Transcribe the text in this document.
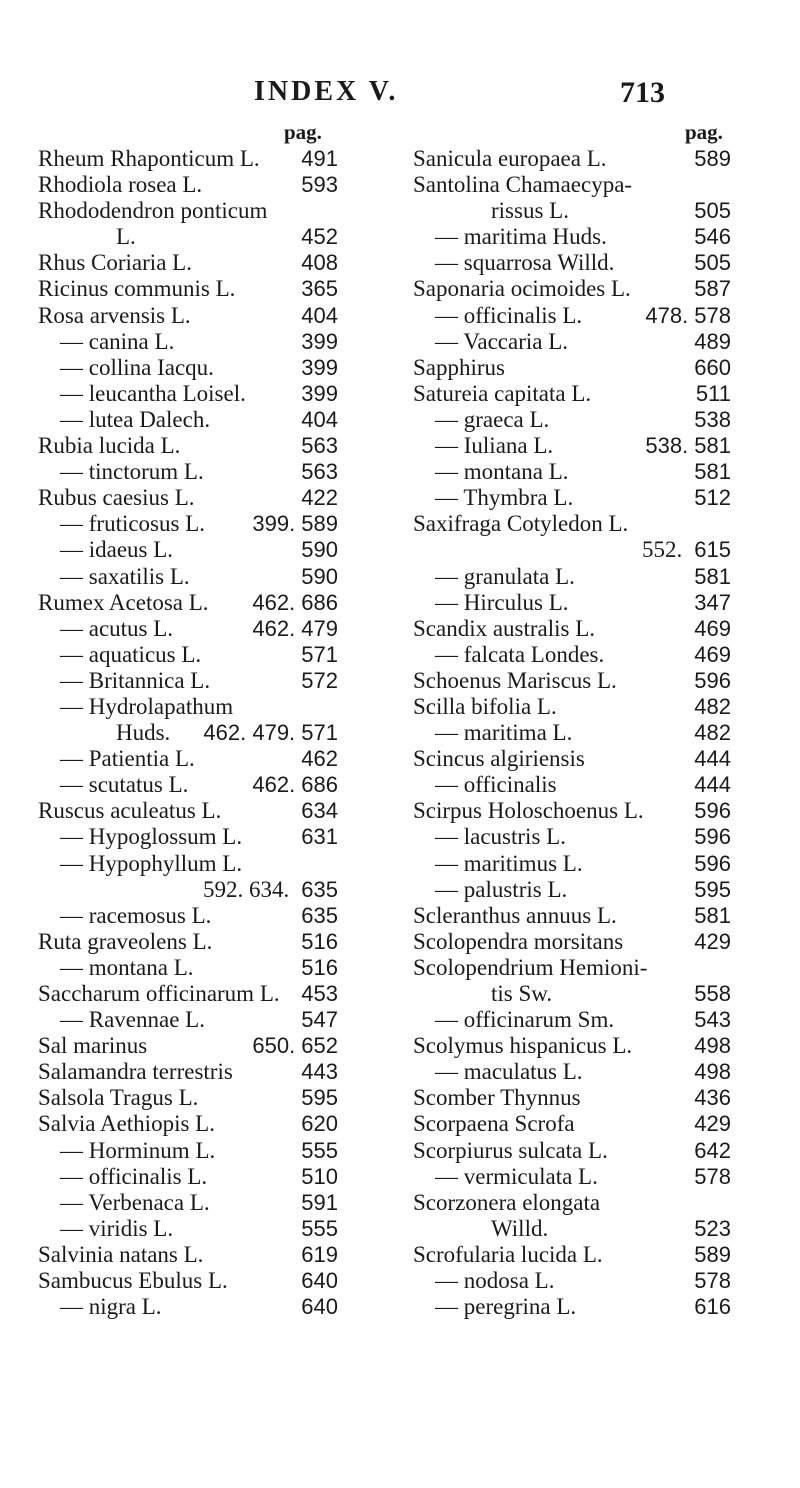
INDEX V.	713
pag.
Rheum Rhaponticum L.	491
Rhodiola rosea L.	593
Rhododendron ponticum
L.	452
Rhus Coriaria L.	408
Ricinus communis L.	365
Rosa arvensis L.	404
— canina L.	399
— collina Iacqu.	399
— leucantha Loisel.	399
— lutea Dalech.	404
Rubia lucida L.	563
— tinctorum L.	563
Rubus caesius L.	422
— fruticosus L.	399. 589
— idaeus L.	590
— saxatilis L.	590
Rumex Acetosa L.	462. 686
— acutus L.	462. 479
— aquaticus L.	571
— Britannica L.	572
— Hydrolapathum
Huds.	462. 479. 571
— Patientia L.	462
— scutatus L.	462. 686
Ruscus aculeatus L.	634
— Hypoglossum L.	631
— Hypophyllum L.
592. 634. 635
— racemosus L.	635
Ruta graveolens L.	516
— montana L.	516
Saccharum officinarum L. 453
— Ravennae L.	547
Sal marinus	650. 652
Salamandra terrestris	443
Salsola Tragus L.	595
Salvia Aethiopis L.	620
— Horminum L.	555
— officinalis L.	510
— Verbenaca L.	591
— viridis L.	555
Salvinia natans L.	619
Sambucus Ebulus L.	640
— nigra L.	640
pag.
Sanicula europaea L.	589
Santolina Chamaecypa-
rissus L.	505
— maritima Huds.	546
— squarrosa Willd.	505
Saponaria ocimoides L.	587
— officinalis L.	478. 578
— Vaccaria L.	489
Sapphirus	660
Satureia capitata L.	511
— graeca L.	538
— Iuliana L.	538. 581
— montana L.	581
— Thymbra L.	512
Saxifraga Cotyledon L.
552. 615
— granulata L.	581
— Hirculus L.	347
Scandix australis L.	469
— falcata Londes.	469
Schoenus Mariscus L.	596
Scilla bifolia L.	482
— maritima L.	482
Scincus algiriensis	444
— officinalis	444
Scirpus Holoschoenus L.	596
— lacustris L.	596
— maritimus L.	596
— palustris L.	595
Scleranthus annuus L.	581
Scolopendra morsitans	429
Scolopendrium Hemioni-
tis Sw.	558
— officinarum Sm.	543
Scolymus hispanicus L.	498
— maculatus L.	498
Scomber Thynnus	436
Scorpaena Scrofa	429
Scorpiurus sulcata L.	642
— vermiculata L.	578
Scorzonera elongata
Willd.	523
Scrofularia lucida L.	589
— nodosa L.	578
— peregrina L.	616
